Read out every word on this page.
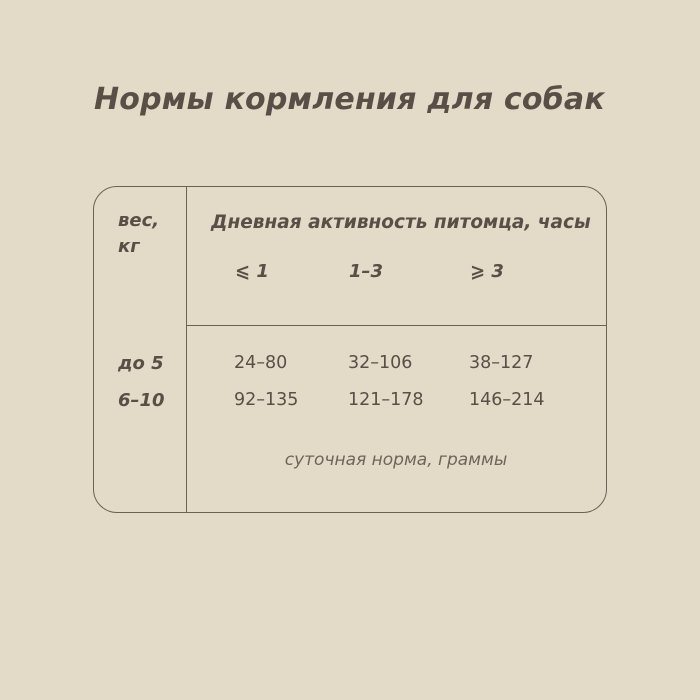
Нормы кормления для собак
вес,
кг
Дневная активность питомца, часы
⩽ 1	1–3	⩾ 3
до 5	24–80	32–106	38–127
6–10	92–135	121–178	146–214
суточная норма, граммы
